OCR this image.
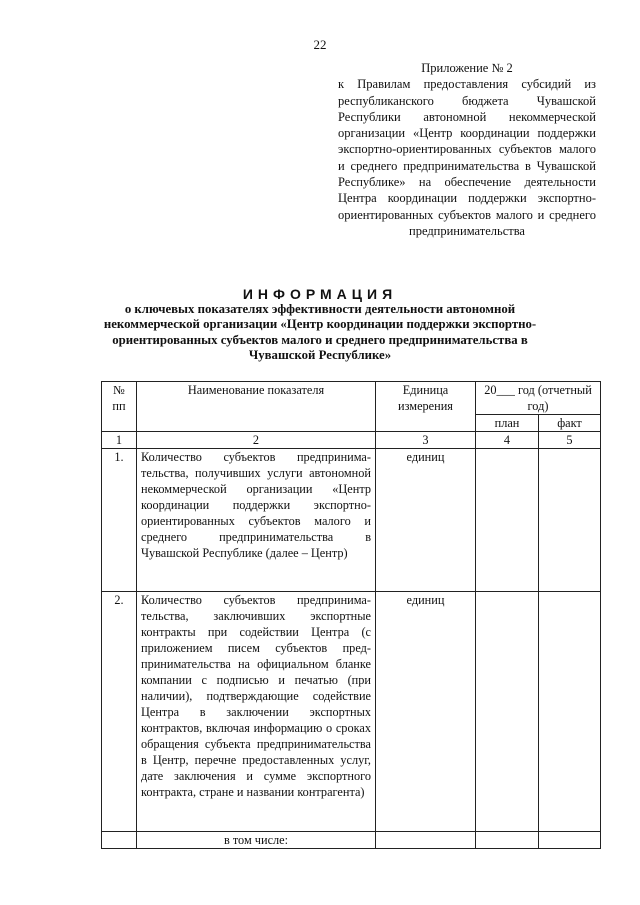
22
Приложение № 2
к Правилам предоставления субсидий из республиканского бюджета Чувашской Республики автономной некоммерческой организации «Центр координации поддержки экспортно-ориентированных субъектов малого и среднего предпринимательства в Чувашской Республике» на обеспечение деятельности Центра координации поддержки экспортно-ориентированных субъектов малого и среднего предпринимательства
ИНФОРМАЦИЯ
о ключевых показателях эффективности деятельности автономной некоммерческой организации «Центр координации поддержки экспортно-ориентированных субъектов малого и среднего предпринимательства в Чувашской Республике»
№ пп	Наименование показателя	Единица измерения	20___ год (отчетный год)	
			план	факт
1	2	3	4	5
1.	Количество субъектов предпринимательства, получивших услуги автономной некоммерческой организации «Центр координации поддержки экспортно-ориентированных субъектов малого и среднего предпринимательства в Чувашской Республике (далее – Центр)	единиц		
2.	Количество субъектов предпринимательства, заключивших экспортные контракты при содействии Центра (с приложением писем субъектов предпринимательства на официальном бланке компании с подписью и печатью (при наличии), подтверждающие содействие Центра в заключении экспортных контрактов, включая информацию о сроках обращения субъекта предпринимательства в Центр, перечне предоставленных услуг, дате заключения и сумме экспортного контракта, стране и названии контрагента)	единиц		
	в том числе:			
